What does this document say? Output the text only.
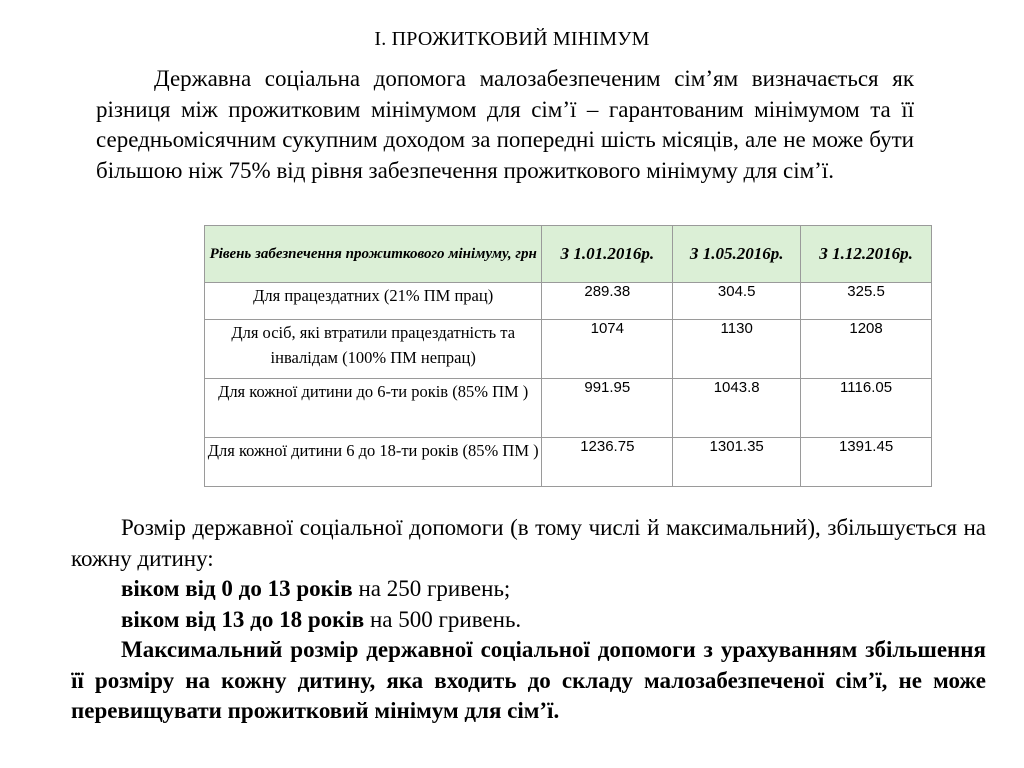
І. ПРОЖИТКОВИЙ МІНІМУМ
Державна соціальна допомога малозабезпеченим сім’ям визначається як різниця між прожитковим мінімумом для сім’ї – гарантованим мінімумом та її середньомісячним сукупним доходом за попередні шість місяців, але не може бути більшою ніж 75% від рівня забезпечення прожиткового мінімуму для сім’ї.
Рівень забезпечення прожиткового мінімуму, грн	З 1.01.2016р.	З 1.05.2016р.	З 1.12.2016р.
Для працездатних (21% ПМ прац)	289.38	304.5	325.5
Для осіб, які втратили працездатність та інвалідам (100% ПМ непрац)	1074	1130	1208
Для кожної дитини до 6-ти років (85% ПМ )	991.95	1043.8	1116.05
Для кожної дитини 6 до 18-ти років (85% ПМ )	1236.75	1301.35	1391.45

Розмір державної соціальної допомоги (в тому числі й максимальний), збільшується на кожну дитину:

віком від 0 до 13 років на 250 гривень;

віком від 13 до 18 років на 500 гривень.

Максимальний розмір державної соціальної допомоги з урахуванням збільшення її розміру на кожну дитину, яка входить до складу малозабезпеченої сім’ї, не може перевищувати прожитковий мінімум для сім’ї.
